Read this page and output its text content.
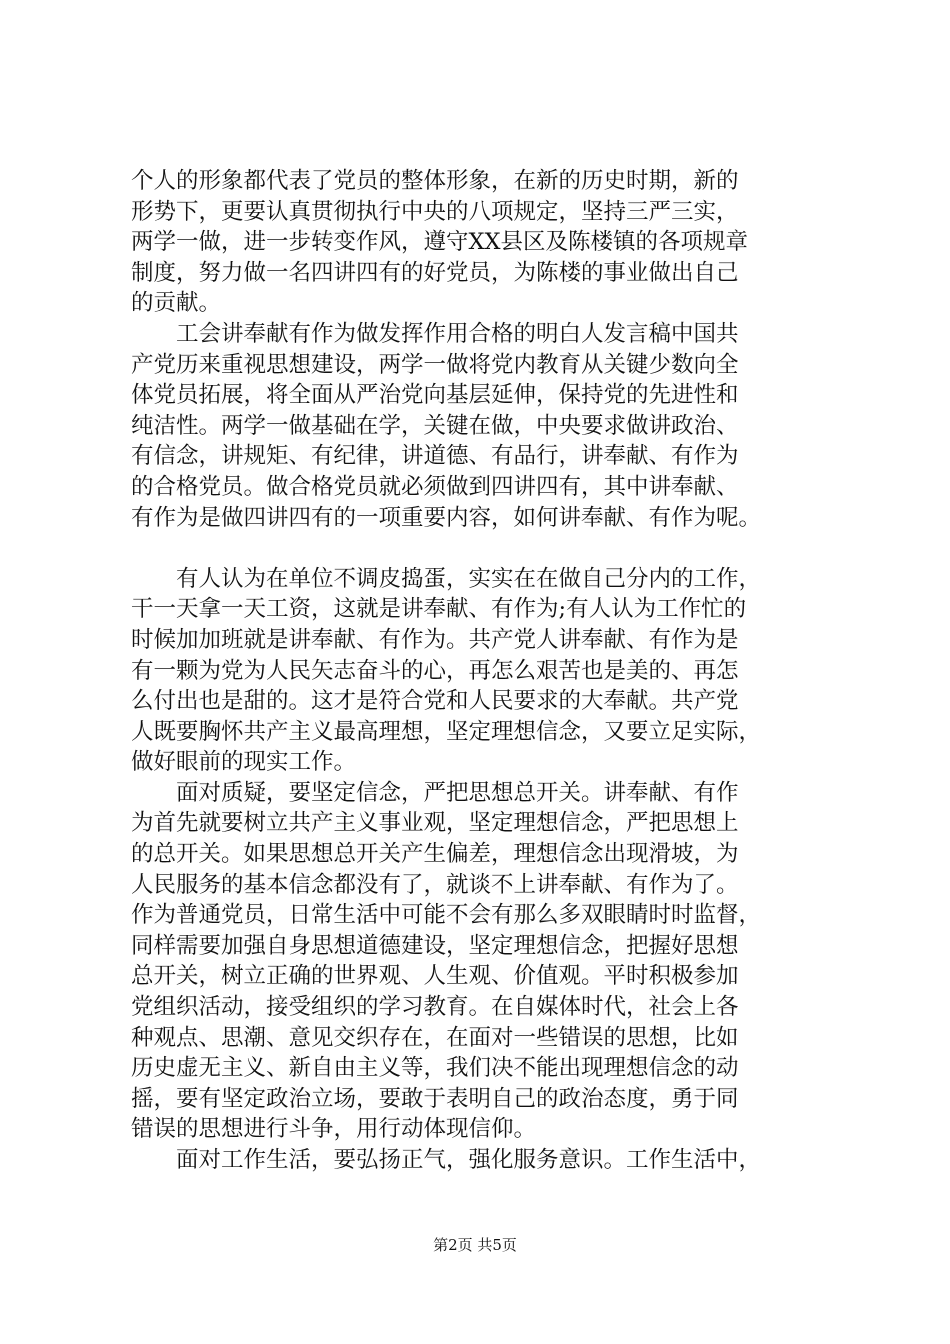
个人的形象都代表了党员的整体形象，在新的历史时期，新的
形势下，更要认真贯彻执行中央的八项规定，坚持三严三实，
两学一做，进一步转变作风，遵守XX县区及陈楼镇的各项规章
制度，努力做一名四讲四有的好党员，为陈楼的事业做出自己
的贡献。
　　工会讲奉献有作为做发挥作用合格的明白人发言稿中国共
产党历来重视思想建设，两学一做将党内教育从关键少数向全
体党员拓展，将全面从严治党向基层延伸，保持党的先进性和
纯洁性。两学一做基础在学，关键在做，中央要求做讲政治、
有信念，讲规矩、有纪律，讲道德、有品行，讲奉献、有作为
的合格党员。做合格党员就必须做到四讲四有，其中讲奉献、
有作为是做四讲四有的一项重要内容，如何讲奉献、有作为呢。
　　有人认为在单位不调皮捣蛋，实实在在做自己分内的工作，
干一天拿一天工资，这就是讲奉献、有作为;有人认为工作忙的
时候加加班就是讲奉献、有作为。共产党人讲奉献、有作为是
有一颗为党为人民矢志奋斗的心，再怎么艰苦也是美的、再怎
么付出也是甜的。这才是符合党和人民要求的大奉献。共产党
人既要胸怀共产主义最高理想，坚定理想信念，又要立足实际，
做好眼前的现实工作。
　　面对质疑，要坚定信念，严把思想总开关。讲奉献、有作
为首先就要树立共产主义事业观，坚定理想信念，严把思想上
的总开关。如果思想总开关产生偏差，理想信念出现滑坡，为
人民服务的基本信念都没有了，就谈不上讲奉献、有作为了。
作为普通党员，日常生活中可能不会有那么多双眼睛时时监督，
同样需要加强自身思想道德建设，坚定理想信念，把握好思想
总开关，树立正确的世界观、人生观、价值观。平时积极参加
党组织活动，接受组织的学习教育。在自媒体时代，社会上各
种观点、思潮、意见交织存在，在面对一些错误的思想，比如
历史虚无主义、新自由主义等，我们决不能出现理想信念的动
摇，要有坚定政治立场，要敢于表明自己的政治态度，勇于同
错误的思想进行斗争，用行动体现信仰。
　　面对工作生活，要弘扬正气，强化服务意识。工作生活中，
第2页 共5页
